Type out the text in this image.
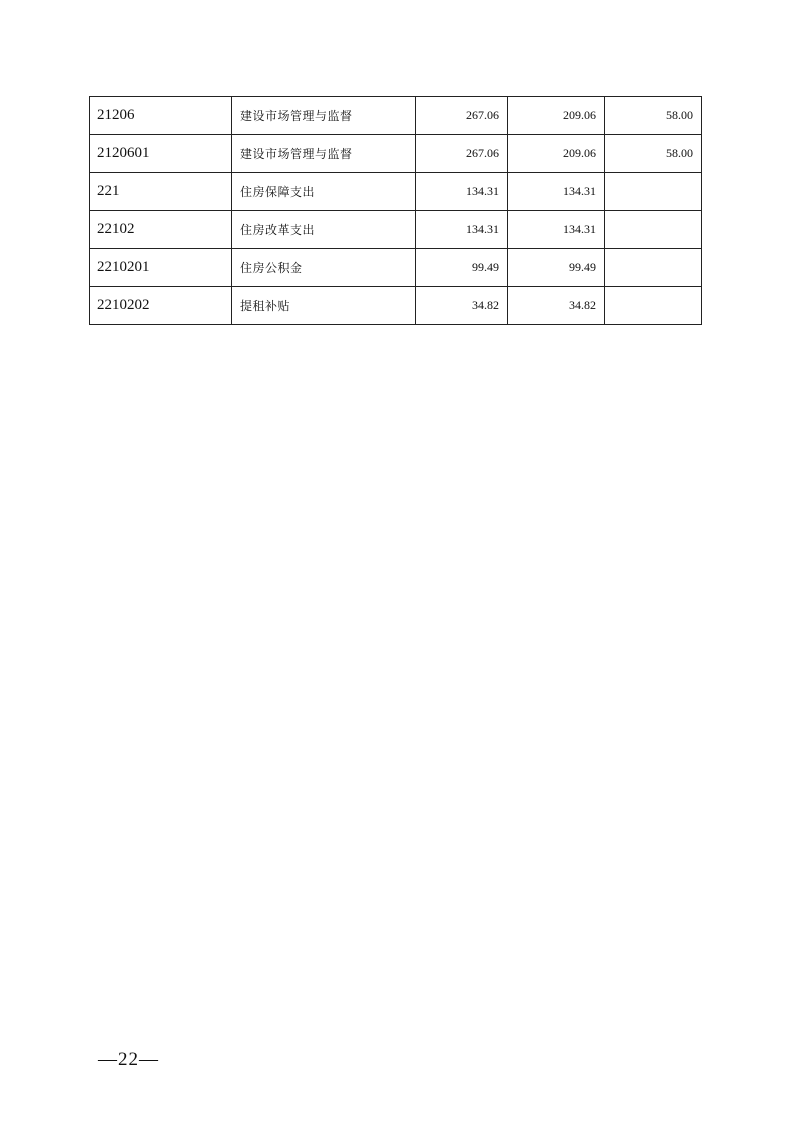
21206	建设市场管理与监督	267.06	209.06	58.00
2120601	建设市场管理与监督	267.06	209.06	58.00
221	住房保障支出	134.31	134.31	
22102	住房改革支出	134.31	134.31	
2210201	住房公积金	99.49	99.49	
2210202	提租补贴	34.82	34.82	
—22—
